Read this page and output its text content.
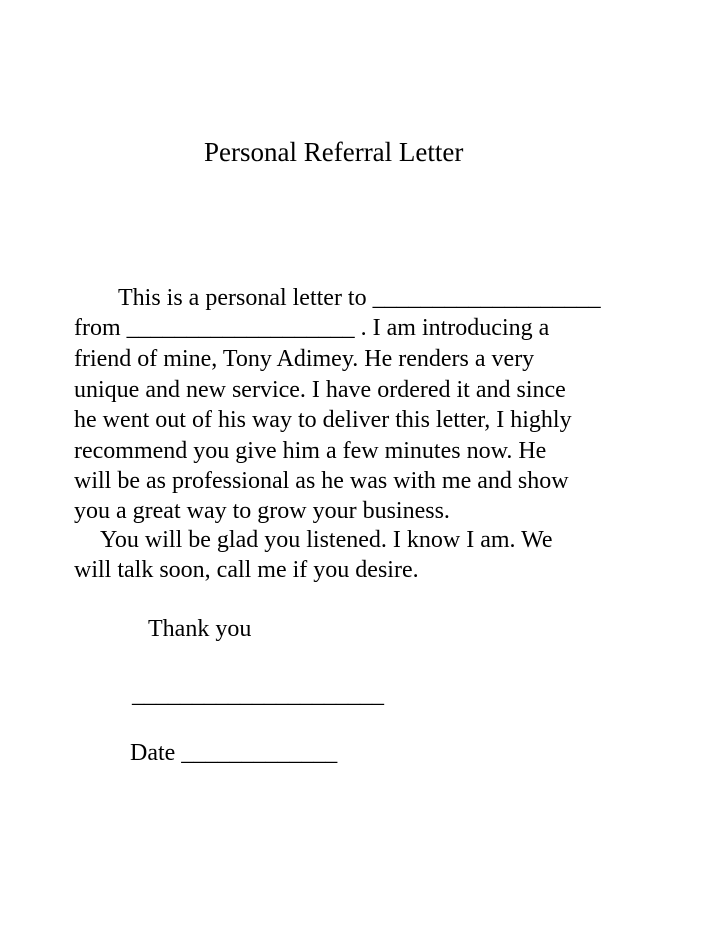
Personal Referral Letter
This is a personal letter to ___________________
from ___________________ . I am introducing a
friend of mine, Tony Adimey. He renders a very
unique and new service. I have ordered it and since
he went out of his way to deliver this letter, I highly
recommend you give him a few minutes now. He
will be as professional as he was with me and show
you a great way to grow your business.
You will be glad you listened. I know I am. We
will talk soon, call me if you desire.
Thank you
_____________________
Date _____________
